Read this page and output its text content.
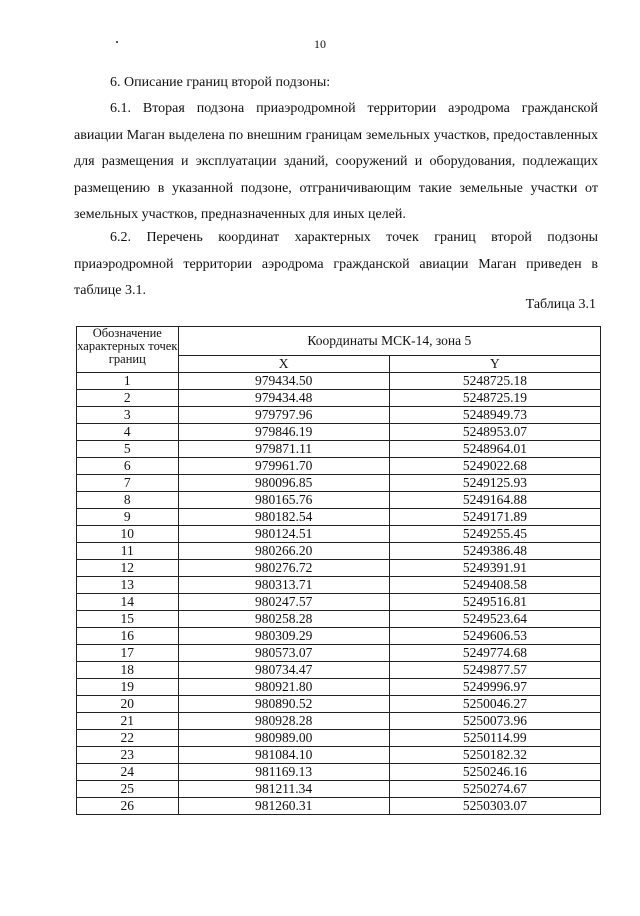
10
6. Описание границ второй подзоны:
6.1. Вторая подзона приаэродромной территории аэродрома гражданской авиации Маган выделена по внешним границам земельных участков, предоставленных для размещения и эксплуатации зданий, сооружений и оборудования, подлежащих размещению в указанной подзоне, отграничивающим такие земельные участки от земельных участков, предназначенных для иных целей.
6.2. Перечень координат характерных точек границ второй подзоны приаэродромной территории аэродрома гражданской авиации Маган приведен в таблице 3.1.
Таблица 3.1
Обозначение характерных точек границ	Координаты МСК-14, зона 5	
	X	Y
1	979434.50	5248725.18
2	979434.48	5248725.19
3	979797.96	5248949.73
4	979846.19	5248953.07
5	979871.11	5248964.01
6	979961.70	5249022.68
7	980096.85	5249125.93
8	980165.76	5249164.88
9	980182.54	5249171.89
10	980124.51	5249255.45
11	980266.20	5249386.48
12	980276.72	5249391.91
13	980313.71	5249408.58
14	980247.57	5249516.81
15	980258.28	5249523.64
16	980309.29	5249606.53
17	980573.07	5249774.68
18	980734.47	5249877.57
19	980921.80	5249996.97
20	980890.52	5250046.27
21	980928.28	5250073.96
22	980989.00	5250114.99
23	981084.10	5250182.32
24	981169.13	5250246.16
25	981211.34	5250274.67
26	981260.31	5250303.07
